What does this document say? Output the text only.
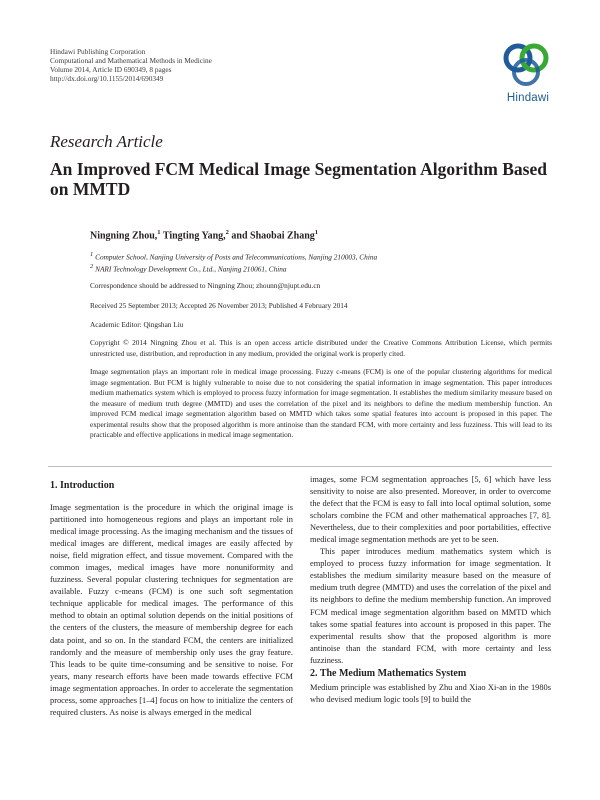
Hindawi Publishing Corporation
Computational and Mathematical Methods in Medicine
Volume 2014, Article ID 690349, 8 pages
http://dx.doi.org/10.1155/2014/690349
Hindawi
Research Article
An Improved FCM Medical Image Segmentation Algorithm Based on MMTD
Ningning Zhou,$^1$ Tingting Yang,$^2$ and Shaobai Zhang$^1$
$^1$ Computer School, Nanjing University of Posts and Telecommunications, Nanjing 210003, China
$^2$ NARI Technology Development Co., Ltd., Nanjing 210061, China
Correspondence should be addressed to Ningning Zhou; zhounn@njupt.edu.cn
Received 25 September 2013; Accepted 26 November 2013; Published 4 February 2014
Academic Editor: Qingshan Liu
Copyright © 2014 Ningning Zhou et al. This is an open access article distributed under the Creative Commons Attribution License, which permits unrestricted use, distribution, and reproduction in any medium, provided the original work is properly cited.
Image segmentation plays an important role in medical image processing. Fuzzy c-means (FCM) is one of the popular clustering algorithms for medical image segmentation. But FCM is highly vulnerable to noise due to not considering the spatial information in image segmentation. This paper introduces medium mathematics system which is employed to process fuzzy information for image segmentation. It establishes the medium similarity measure based on the measure of medium truth degree (MMTD) and uses the correlation of the pixel and its neighbors to define the medium membership function. An improved FCM medical image segmentation algorithm based on MMTD which takes some spatial features into account is proposed in this paper. The experimental results show that the proposed algorithm is more antinoise than the standard FCM, with more certainty and less fuzziness. This will lead to its practicable and effective applications in medical image segmentation.
1. Introduction

Image segmentation is the procedure in which the original image is partitioned into homogeneous regions and plays an important role in medical image processing. As the imaging mechanism and the tissues of medical images are different, medical images are easily affected by noise, field migration effect, and tissue movement. Compared with the common images, medical images have more nonuniformity and fuzziness. Several popular clustering techniques for segmentation are available. Fuzzy c-means (FCM) is one such soft segmentation technique applicable for medical images. The performance of this method to obtain an optimal solution depends on the initial positions of the centers of the clusters, the measure of membership degree for each data point, and so on. In the standard FCM, the centers are initialized randomly and the measure of membership only uses the gray feature. This leads to be quite time-consuming and be sensitive to noise. For years, many research efforts have been made towards effective FCM image segmentation approaches. In order to accelerate the segmentation process, some approaches [1–4] focus on how to initialize the centers of required clusters. As noise is always emerged in the medical

images, some FCM segmentation approaches [5, 6] which have less sensitivity to noise are also presented. Moreover, in order to overcome the defect that the FCM is easy to fall into local optimal solution, some scholars combine the FCM and other mathematical approaches [7, 8]. Nevertheless, due to their complexities and poor portabilities, effective medical image segmentation methods are yet to be seen.

This paper introduces medium mathematics system which is employed to process fuzzy information for image segmentation. It establishes the medium similarity measure based on the measure of medium truth degree (MMTD) and uses the correlation of the pixel and its neighbors to define the medium membership function. An improved FCM medical image segmentation algorithm based on MMTD which takes some spatial features into account is proposed in this paper. The experimental results show that the proposed algorithm is more antinoise than the standard FCM, with more certainty and less fuzziness.

2. The Medium Mathematics System

Medium principle was established by Zhu and Xiao Xi-an in the 1980s who devised medium logic tools [9] to build the
